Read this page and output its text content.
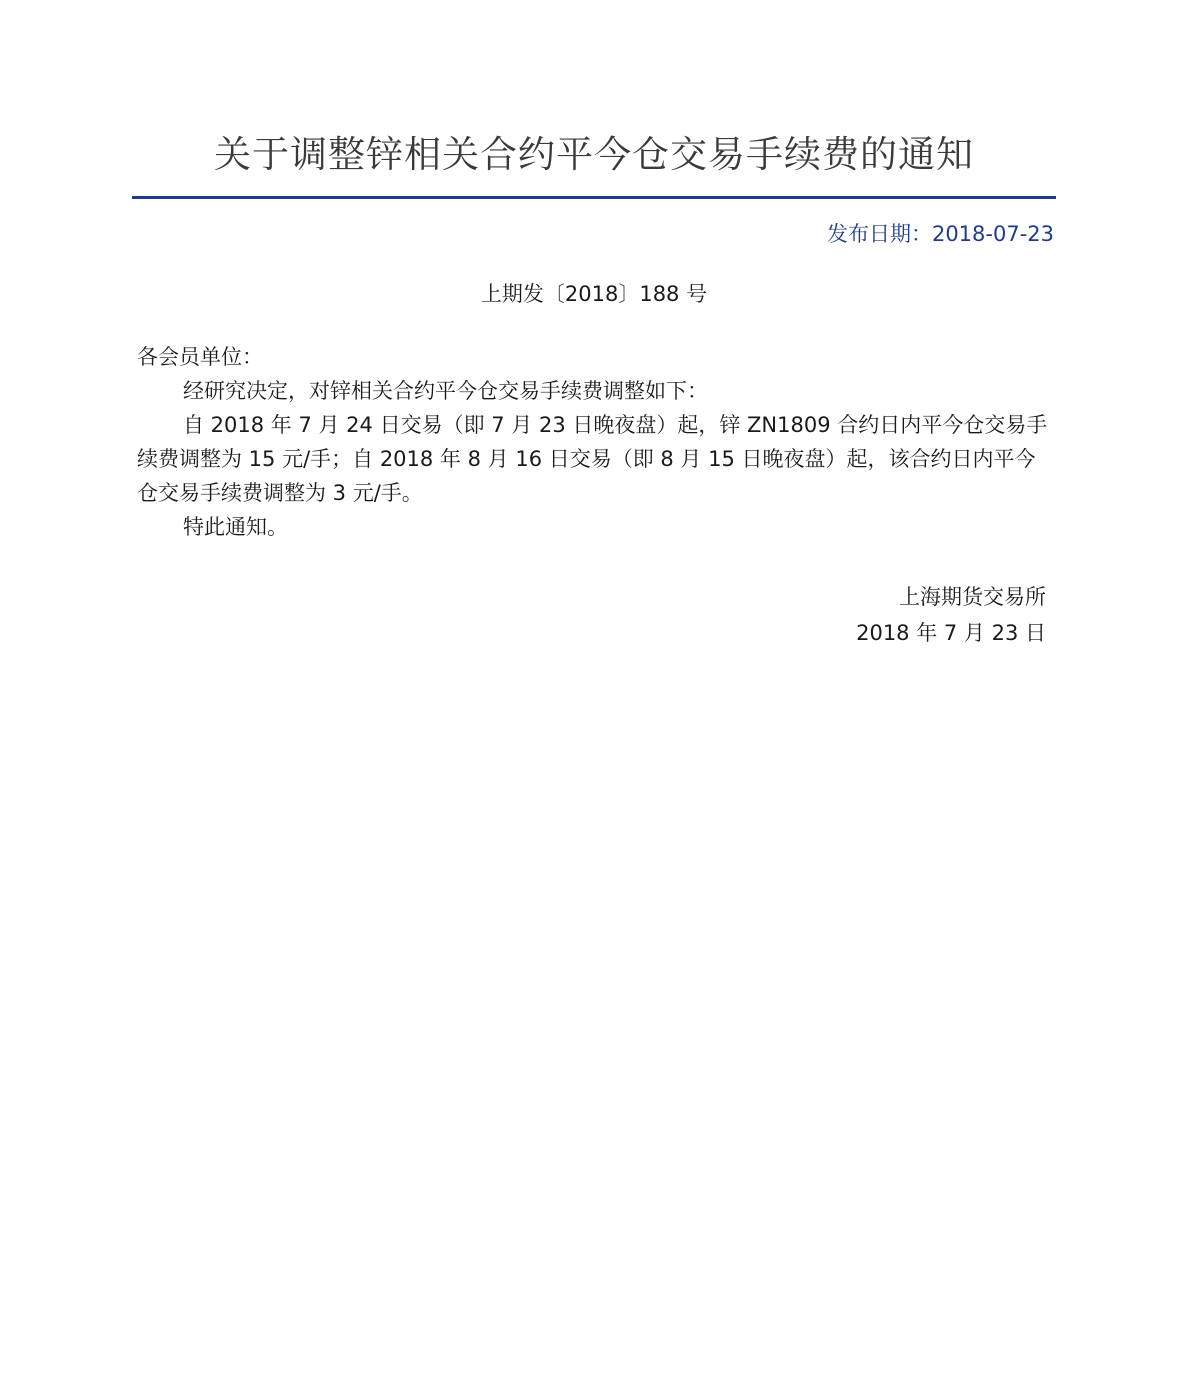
关于调整锌相关合约平今仓交易手续费的通知
发布日期：2018-07-23
上期发〔2018〕188 号

各会员单位：

经研究决定，对锌相关合约平今仓交易手续费调整如下：

自 2018 年 7 月 24 日交易（即 7 月 23 日晚夜盘）起，锌 ZN1809 合约日内平今仓交易手续费调整为 15 元/手；自 2018 年 8 月 16 日交易（即 8 月 15 日晚夜盘）起，该合约日内平今仓交易手续费调整为 3 元/手。

特此通知。

上海期货交易所
2018 年 7 月 23 日
